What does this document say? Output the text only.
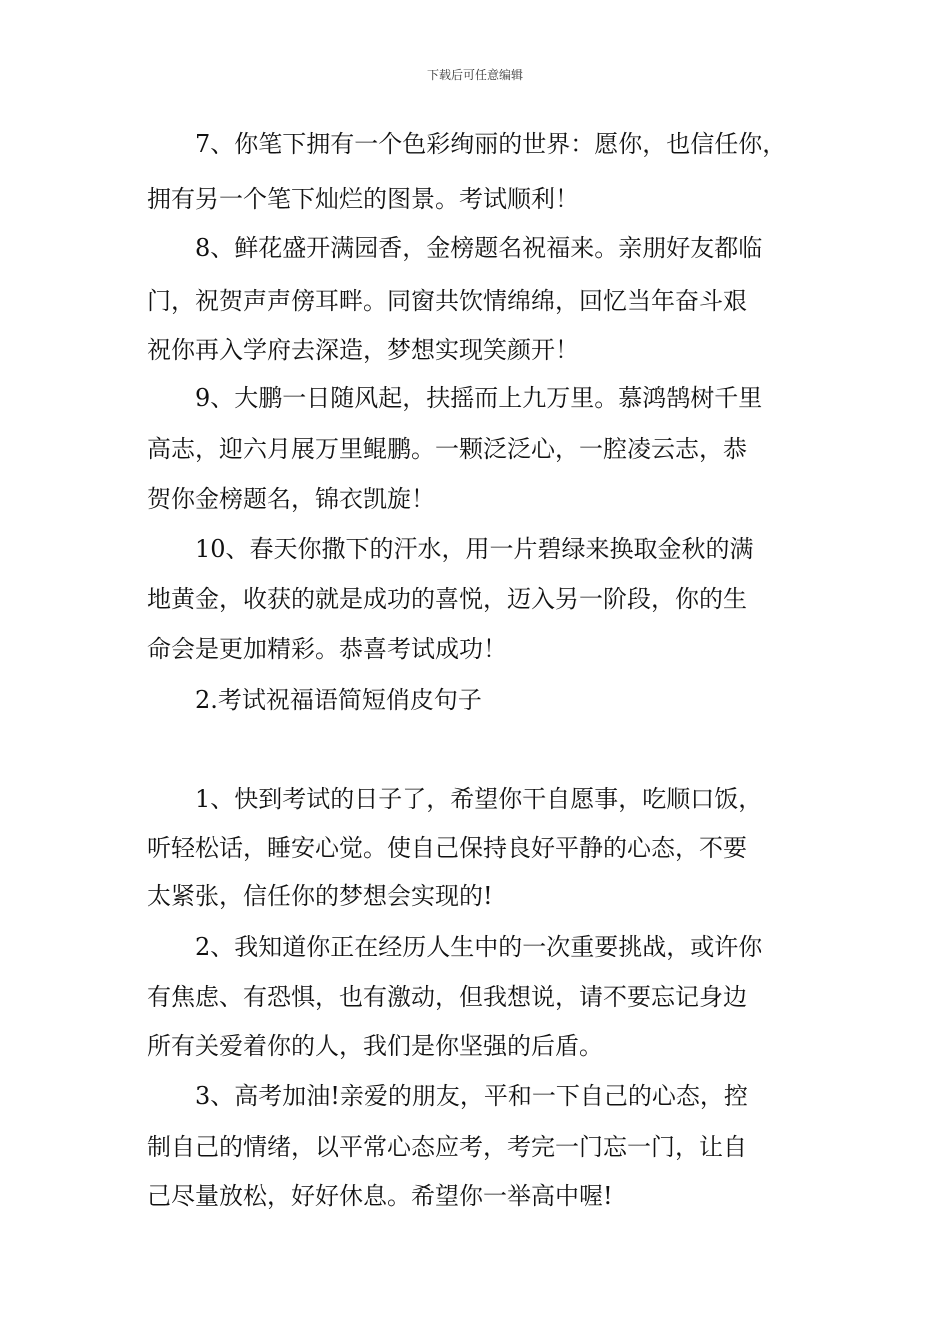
下载后可任意编辑
7、你笔下拥有一个色彩绚丽的世界：愿你，也信任你，
拥有另一个笔下灿烂的图景。考试顺利！
8、鲜花盛开满园香，金榜题名祝福来。亲朋好友都临
门，祝贺声声傍耳畔。同窗共饮情绵绵，回忆当年奋斗艰
祝你再入学府去深造，梦想实现笑颜开！
9、大鹏一日随风起，扶摇而上九万里。慕鸿鹄树千里
高志，迎六月展万里鲲鹏。一颗泛泛心，一腔凌云志，恭
贺你金榜题名，锦衣凯旋！
10、春天你撒下的汗水，用一片碧绿来换取金秋的满
地黄金，收获的就是成功的喜悦，迈入另一阶段，你的生
命会是更加精彩。恭喜考试成功！
2.考试祝福语简短俏皮句子
1、快到考试的日子了，希望你干自愿事，吃顺口饭，
听轻松话，睡安心觉。使自己保持良好平静的心态，不要
太紧张，信任你的梦想会实现的!
2、我知道你正在经历人生中的一次重要挑战，或许你
有焦虑、有恐惧，也有激动，但我想说，请不要忘记身边
所有关爱着你的人，我们是你坚强的后盾。
3、高考加油!亲爱的朋友，平和一下自己的心态，控
制自己的情绪，以平常心态应考，考完一门忘一门，让自
己尽量放松，好好休息。希望你一举高中喔!
